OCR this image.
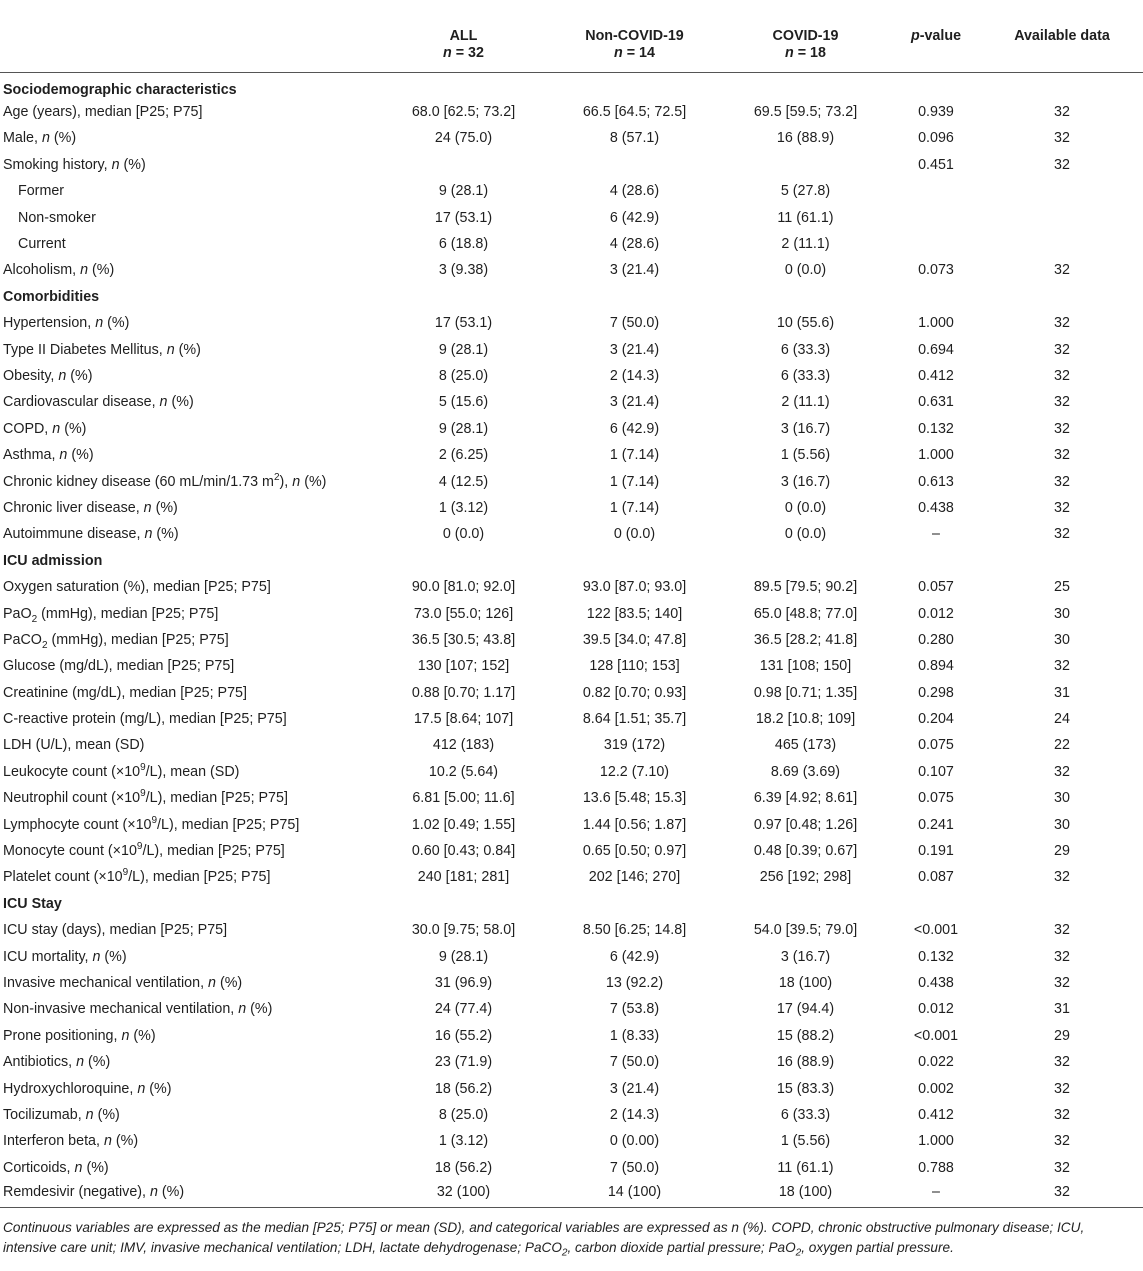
	ALL	Non-COVID-19	COVID-19	p-value	Available data
	n = 32	n = 14	n = 18		
Sociodemographic characteristics					
Age (years), median [P25; P75]	68.0 [62.5; 73.2]	66.5 [64.5; 72.5]	69.5 [59.5; 73.2]	0.939	32
Male, n (%)	24 (75.0)	8 (57.1)	16 (88.9)	0.096	32
Smoking history, n (%)				0.451	32
Former	9 (28.1)	4 (28.6)	5 (27.8)		
Non-smoker	17 (53.1)	6 (42.9)	11 (61.1)		
Current	6 (18.8)	4 (28.6)	2 (11.1)		
Alcoholism, n (%)	3 (9.38)	3 (21.4)	0 (0.0)	0.073	32
Comorbidities					
Hypertension, n (%)	17 (53.1)	7 (50.0)	10 (55.6)	1.000	32
Type II Diabetes Mellitus, n (%)	9 (28.1)	3 (21.4)	6 (33.3)	0.694	32
Obesity, n (%)	8 (25.0)	2 (14.3)	6 (33.3)	0.412	32
Cardiovascular disease, n (%)	5 (15.6)	3 (21.4)	2 (11.1)	0.631	32
COPD, n (%)	9 (28.1)	6 (42.9)	3 (16.7)	0.132	32
Asthma, n (%)	2 (6.25)	1 (7.14)	1 (5.56)	1.000	32
Chronic kidney disease (60 mL/min/1.73 $m^2$), n (%)	4 (12.5)	1 (7.14)	3 (16.7)	0.613	32
Chronic liver disease, n (%)	1 (3.12)	1 (7.14)	0 (0.0)	0.438	32
Autoimmune disease, n (%)	0 (0.0)	0 (0.0)	0 (0.0)	–	32
ICU admission					
Oxygen saturation (%), median [P25; P75]	90.0 [81.0; 92.0]	93.0 [87.0; 93.0]	89.5 [79.5; 90.2]	0.057	25
PaO$_2$ (mmHg), median [P25; P75]	73.0 [55.0; 126]	122 [83.5; 140]	65.0 [48.8; 77.0]	0.012	30
PaCO$_2$ (mmHg), median [P25; P75]	36.5 [30.5; 43.8]	39.5 [34.0; 47.8]	36.5 [28.2; 41.8]	0.280	30
Glucose (mg/dL), median [P25; P75]	130 [107; 152]	128 [110; 153]	131 [108; 150]	0.894	32
Creatinine (mg/dL), median [P25; P75]	0.88 [0.70; 1.17]	0.82 [0.70; 0.93]	0.98 [0.71; 1.35]	0.298	31
C-reactive protein (mg/L), median [P25; P75]	17.5 [8.64; 107]	8.64 [1.51; 35.7]	18.2 [10.8; 109]	0.204	24
LDH (U/L), mean (SD)	412 (183)	319 (172)	465 (173)	0.075	22
Leukocyte count $(\times 10^9/L)$, mean (SD)	10.2 (5.64)	12.2 (7.10)	8.69 (3.69)	0.107	32
Neutrophil count $(\times 10^9/L)$, median [P25; P75]	6.81 [5.00; 11.6]	13.6 [5.48; 15.3]	6.39 [4.92; 8.61]	0.075	30
Lymphocyte count $(\times 10^9/L)$, median [P25; P75]	1.02 [0.49; 1.55]	1.44 [0.56; 1.87]	0.97 [0.48; 1.26]	0.241	30
Monocyte count $(\times 10^9/L)$, median [P25; P75]	0.60 [0.43; 0.84]	0.65 [0.50; 0.97]	0.48 [0.39; 0.67]	0.191	29
Platelet count $(\times 10^9/L)$, median [P25; P75]	240 [181; 281]	202 [146; 270]	256 [192; 298]	0.087	32
ICU Stay					
ICU stay (days), median [P25; P75]	30.0 [9.75; 58.0]	8.50 [6.25; 14.8]	54.0 [39.5; 79.0]	<0.001	32
ICU mortality, n (%)	9 (28.1)	6 (42.9)	3 (16.7)	0.132	32
Invasive mechanical ventilation, n (%)	31 (96.9)	13 (92.2)	18 (100)	0.438	32
Non-invasive mechanical ventilation, n (%)	24 (77.4)	7 (53.8)	17 (94.4)	0.012	31
Prone positioning, n (%)	16 (55.2)	1 (8.33)	15 (88.2)	<0.001	29
Antibiotics, n (%)	23 (71.9)	7 (50.0)	16 (88.9)	0.022	32
Hydroxychloroquine, n (%)	18 (56.2)	3 (21.4)	15 (83.3)	0.002	32
Tocilizumab, n (%)	8 (25.0)	2 (14.3)	6 (33.3)	0.412	32
Interferon beta, n (%)	1 (3.12)	0 (0.00)	1 (5.56)	1.000	32
Corticoids, n (%)	18 (56.2)	7 (50.0)	11 (61.1)	0.788	32
Remdesivir (negative), n (%)	32 (100)	14 (100)	18 (100)	–	32
Continuous variables are expressed as the median [P25; P75] or mean (SD), and categorical variables are expressed as n (%). COPD, chronic obstructive pulmonary disease; ICU, intensive care unit; IMV, invasive mechanical ventilation; LDH, lactate dehydrogenase; PaCO$_2$, carbon dioxide partial pressure; PaO$_2$, oxygen partial pressure.
